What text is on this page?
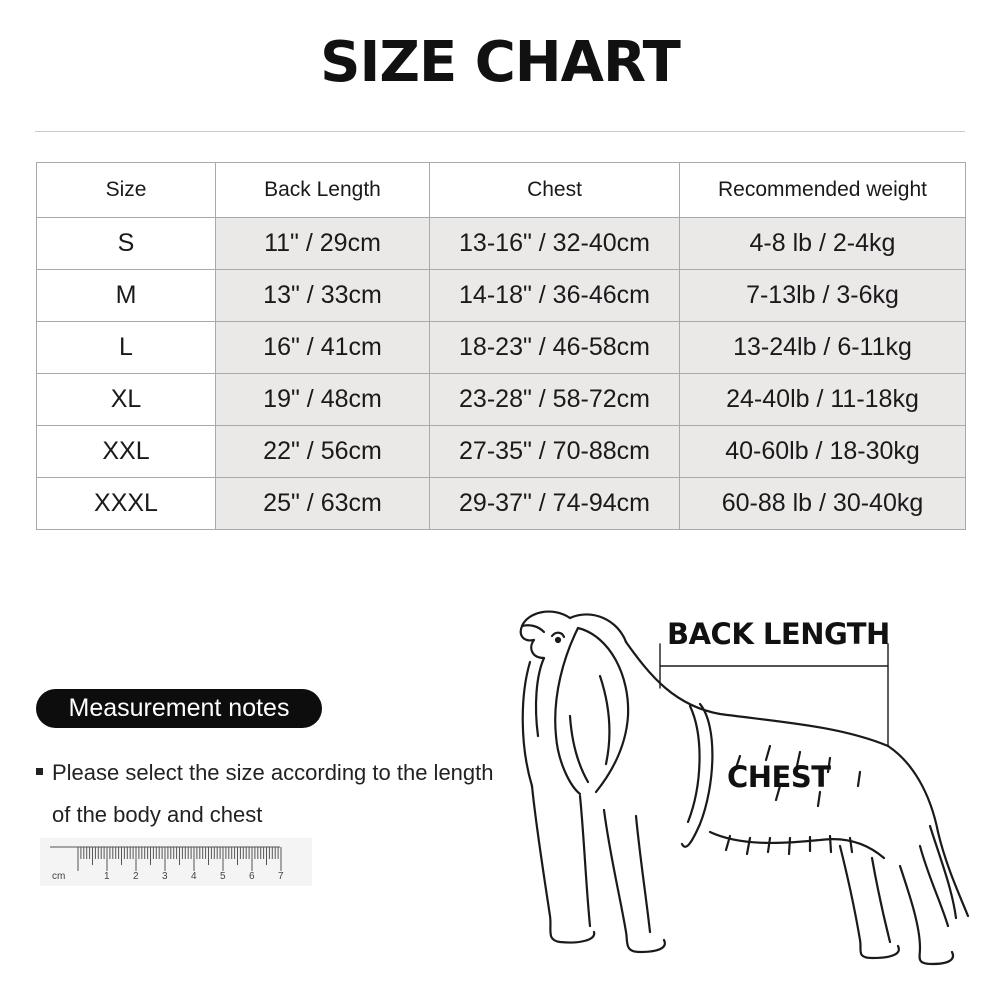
SIZE CHART
Size	Back Length	Chest	Recommended weight
S	11" / 29cm	13-16" / 32-40cm	4-8 lb / 2-4kg
M	13" / 33cm	14-18" / 36-46cm	7-13lb / 3-6kg
L	16" / 41cm	18-23" / 46-58cm	13-24lb / 6-11kg
XL	19" / 48cm	23-28" / 58-72cm	24-40lb / 11-18kg
XXL	22" / 56cm	27-35" / 70-88cm	40-60lb / 18-30kg
XXXL	25" / 63cm	29-37" / 74-94cm	60-88 lb / 30-40kg
Measurement notes
Please select the size according to the length
of the body and chest
cm	1 2 3 4 5 6 7
BACK LENGTH
CHEST
